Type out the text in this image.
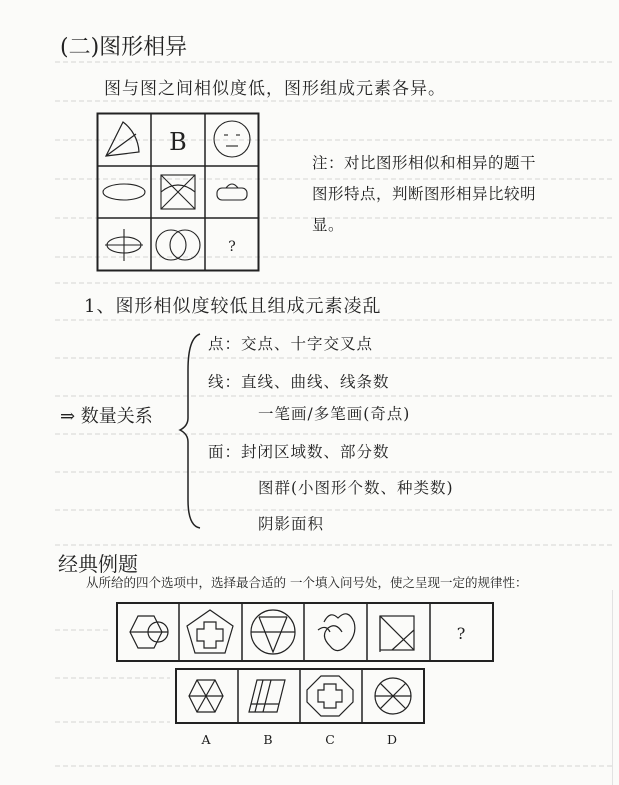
(二)图形相异
图与图之间相似度低，图形组成元素各异。
B
?
注：对比图形相似和相异的题干
图形特点，判断图形相异比较明
显。
1、图形相似度较低且组成元素凌乱
⇒ 数量关系
点：交点、十字交叉点
线：直线、曲线、线条数
一笔画/多笔画(奇点)
面：封闭区域数、部分数
图群(小图形个数、种类数)
阴影面积
经典例题
从所给的四个选项中，选择最合适的 一个填入问号处，使之呈现一定的规律性：
?
A	B	C	D
